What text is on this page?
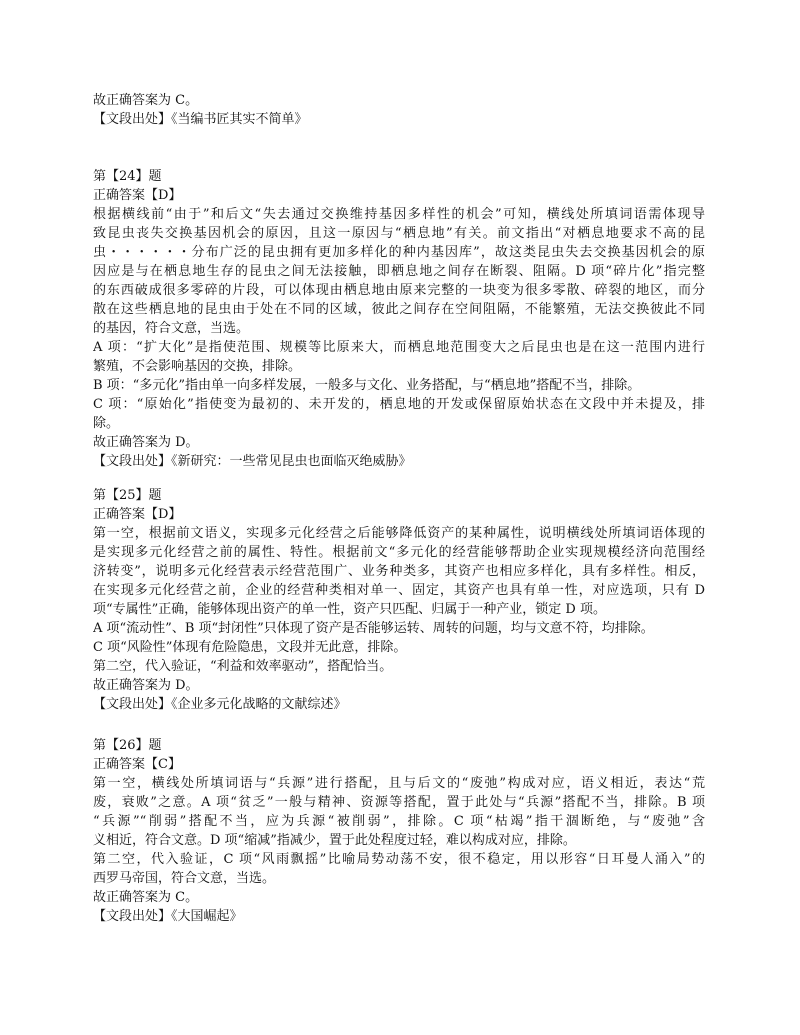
故正确答案为 C。
【文段出处】《当编书匠其实不简单》
第【24】题
正确答案【D】
根据横线前“由于”和后文“失去通过交换维持基因多样性的机会”可知，横线处所填词语需体现导
致昆虫丧失交换基因机会的原因，且这一原因与“栖息地”有关。前文指出“对栖息地要求不高的昆
虫・・・・・・分布广泛的昆虫拥有更加多样化的种内基因库”，故这类昆虫失去交换基因机会的原
因应是与在栖息地生存的昆虫之间无法接触，即栖息地之间存在断裂、阻隔。D 项“碎片化”指完整
的东西破成很多零碎的片段，可以体现由栖息地由原来完整的一块变为很多零散、碎裂的地区，而分
散在这些栖息地的昆虫由于处在不同的区域，彼此之间存在空间阻隔，不能繁殖，无法交换彼此不同
的基因，符合文意，当选。
A 项：“扩大化”是指使范围、规模等比原来大，而栖息地范围变大之后昆虫也是在这一范围内进行
繁殖，不会影响基因的交换，排除。
B 项：“多元化”指由单一向多样发展，一般多与文化、业务搭配，与“栖息地”搭配不当，排除。
C 项：“原始化”指使变为最初的、未开发的，栖息地的开发或保留原始状态在文段中并未提及，排
除。
故正确答案为 D。
【文段出处】《新研究：一些常见昆虫也面临灭绝威胁》
第【25】题
正确答案【D】
第一空，根据前文语义，实现多元化经营之后能够降低资产的某种属性，说明横线处所填词语体现的
是实现多元化经营之前的属性、特性。根据前文“多元化的经营能够帮助企业实现规模经济向范围经
济转变”，说明多元化经营表示经营范围广、业务种类多，其资产也相应多样化，具有多样性。相反，
在实现多元化经营之前，企业的经营种类相对单一、固定，其资产也具有单一性，对应选项，只有 D
项“专属性”正确，能够体现出资产的单一性，资产只匹配、归属于一种产业，锁定 D 项。
A 项“流动性”、B 项“封闭性”只体现了资产是否能够运转、周转的问题，均与文意不符，均排除。
C 项“风险性”体现有危险隐患，文段并无此意，排除。
第二空，代入验证，“利益和效率驱动”，搭配恰当。
故正确答案为 D。
【文段出处】《企业多元化战略的文献综述》
第【26】题
正确答案【C】
第一空，横线处所填词语与“兵源”进行搭配，且与后文的“废弛”构成对应，语义相近，表达“荒
废，衰败”之意。A 项“贫乏”一般与精神、资源等搭配，置于此处与“兵源”搭配不当，排除。B 项
“兵源”“削弱”搭配不当，应为兵源“被削弱”，排除。C 项“枯竭”指干涸断绝，与“废弛”含
义相近，符合文意。D 项“缩减”指减少，置于此处程度过轻，难以构成对应，排除。
第二空，代入验证，C 项“风雨飘摇”比喻局势动荡不安，很不稳定，用以形容“日耳曼人涌入”的
西罗马帝国，符合文意，当选。
故正确答案为 C。
【文段出处】《大国崛起》
